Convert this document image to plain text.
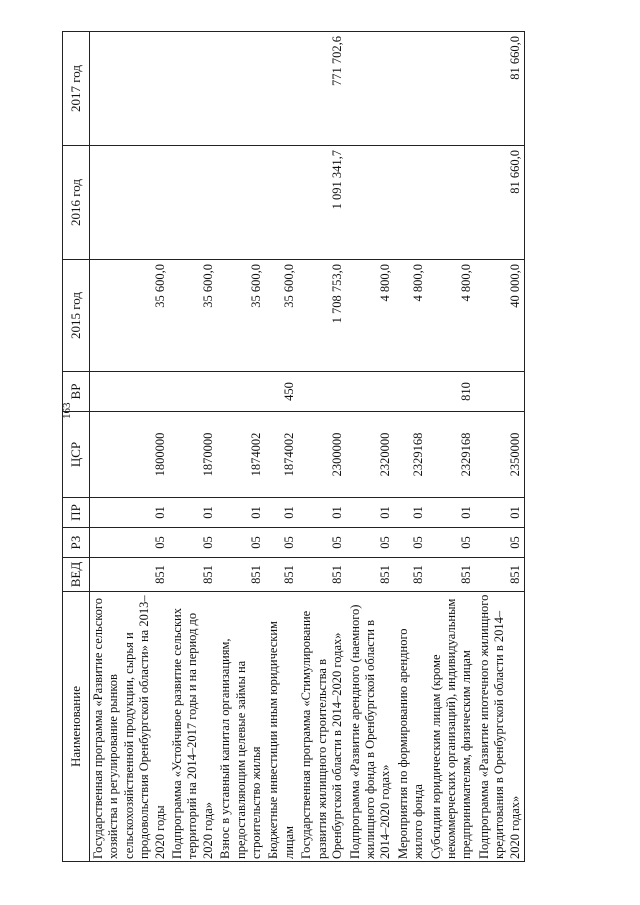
163
Наименование	ВЕД	РЗ	ПР	ЦСР	ВР	2015 год	2016 год	2017 год
Государственная программа «Развитие сельского хозяйства и регулирование рынков сельскохозяйственной продукции, сырья и продовольствия Оренбургской области» на 2013–2020 годы	851	05	01	1800000		35 600,0		
Подпрограмма «Устойчивое развитие сельских территорий на 2014–2017 годы и на период до 2020 года»	851	05	01	1870000		35 600,0		
Взнос в уставный капитал организациям, предоставляющим целевые займы на строительство жилья	851	05	01	1874002		35 600,0		
Бюджетные инвестиции иным юридическим лицам	851	05	01	1874002	450	35 600,0		
Государственная программа «Стимулирование развития жилищного строительства в Оренбургской области в 2014–2020 годах»	851	05	01	2300000		1 708 753,0	1 091 341,7	771 702,6
Подпрограмма «Развитие арендного (наемного) жилищного фонда в Оренбургской области в 2014–2020 годах»	851	05	01	2320000		4 800,0		
Мероприятия по формированию арендного жилого фонда	851	05	01	2329168		4 800,0		
Субсидии юридическим лицам (кроме некоммерческих организаций), индивидуальным предпринимателям, физическим лицам	851	05	01	2329168	810	4 800,0		
Подпрограмма «Развитие ипотечного жилищного кредитования в Оренбургской области в 2014–2020 годах»	851	05	01	2350000		40 000,0	81 660,0	81 660,0
